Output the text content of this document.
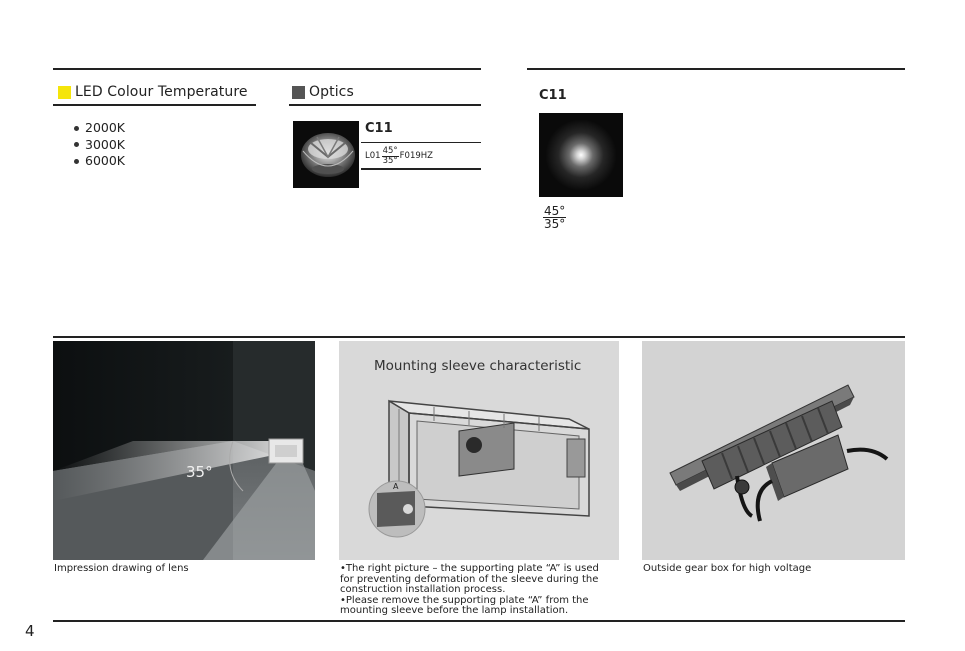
LED Colour Temperature
2000K
3000K
6000K
Optics
C11
$L01 \frac{45^\circ}{35^\circ} F019HZ$
C11
$\frac{45^\circ}{35^\circ}$
35°
Impression drawing of lens
Mounting sleeve characteristic
A
•The right picture – the supporting plate “A” is used
for preventing deformation of the sleeve during the
construction installation process.
•Please remove the supporting plate “A” from the
mounting sleeve before the lamp installation.
Outside gear box for high voltage
4
